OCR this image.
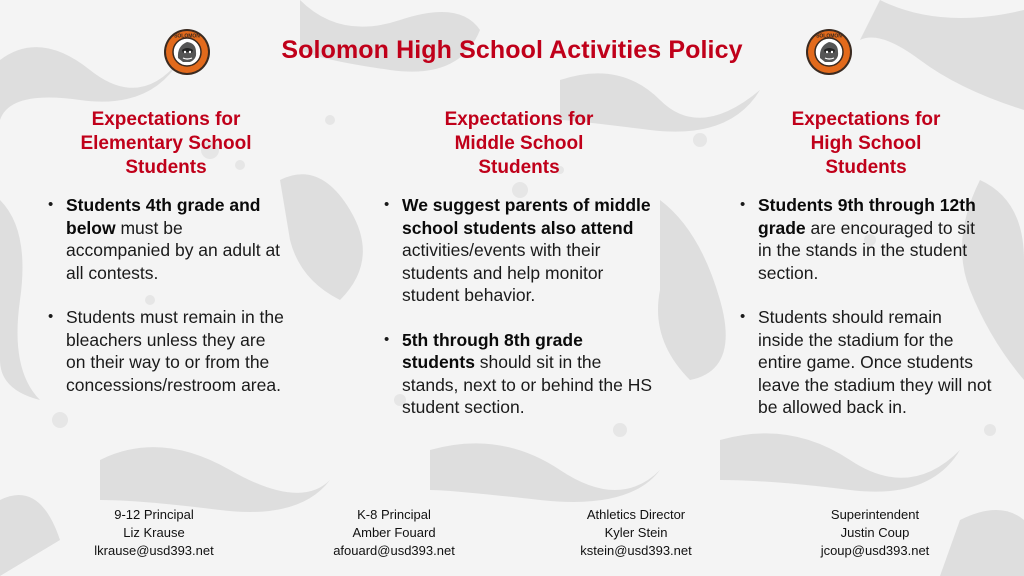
SOLOMON	Solomon High School Activities Policy	SOLOMON
Expectations for
Elementary School
Students
• Students 4th grade and below must be accompanied by an adult at all contests.
• Students must remain in the bleachers unless they are on their way to or from the concessions/restroom area.
Expectations for
Middle School
Students
• We suggest parents of middle school students also attend activities/events with their students and help monitor student behavior.
• 5th through 8th grade students should sit in the stands, next to or behind the HS student section.
Expectations for
High School
Students
• Students 9th through 12th grade are encouraged to sit in the stands in the student section.
• Students should remain inside the stadium for the entire game. Once students leave the stadium they will not be allowed back in.
9-12 Principal
Liz Krause
lkrause@usd393.net
K-8 Principal
Amber Fouard
afouard@usd393.net
Athletics Director
Kyler Stein
kstein@usd393.net
Superintendent
Justin Coup
jcoup@usd393.net
